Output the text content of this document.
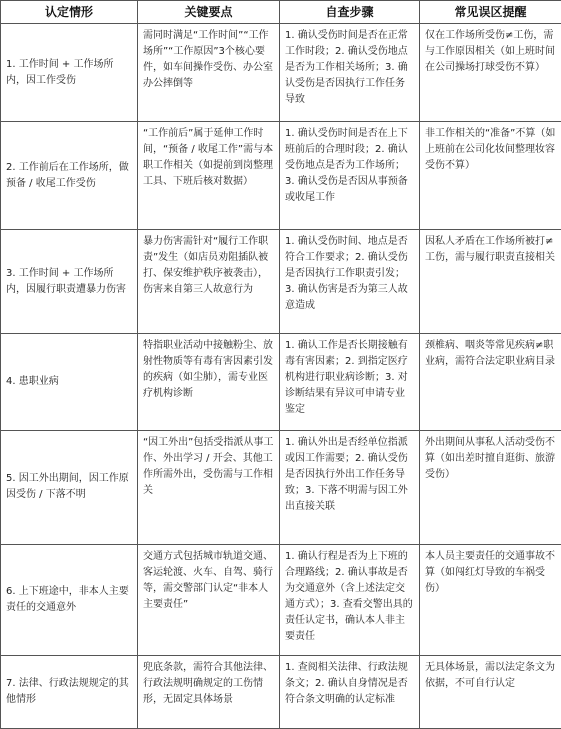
认定情形	关键要点	自查步骤	常见误区提醒

1. 工作时间 + 工作场所内，因工作受伤	需同时满足“工作时间”“工作场所”“工作原因”3个核心要件，如车间操作受伤、办公室办公摔倒等	1. 确认受伤时间是否在正常工作时段；2. 确认受伤地点是否为工作相关场所；3. 确认受伤是否因执行工作任务导致	仅在工作场所受伤≠工伤，需与工作原因相关（如上班时间在公司操场打球受伤不算）

2. 工作前后在工作场所，做预备 / 收尾工作受伤	“工作前后”属于延伸工作时间，“预备 / 收尾工作”需与本职工作相关（如提前到岗整理工具、下班后核对数据）	1. 确认受伤时间是否在上下班前后的合理时段；2. 确认受伤地点是否为工作场所；3. 确认受伤是否因从事预备或收尾工作	非工作相关的“准备”不算（如上班前在公司化妆间整理妆容受伤不算）

3. 工作时间 + 工作场所内，因履行职责遭暴力伤害	暴力伤害需针对“履行工作职责”发生（如店员劝阻插队被打、保安维护秩序被袭击），伤害来自第三人故意行为	1. 确认受伤时间、地点是否符合工作要求；2. 确认受伤是否因执行工作职责引发；3. 确认伤害是否为第三人故意造成	因私人矛盾在工作场所被打≠工伤，需与履行职责直接相关

4. 患职业病	特指职业活动中接触粉尘、放射性物质等有毒有害因素引发的疾病（如尘肺），需专业医疗机构诊断	1. 确认工作是否长期接触有毒有害因素；2. 到指定医疗机构进行职业病诊断；3. 对诊断结果有异议可申请专业鉴定	颈椎病、咽炎等常见疾病≠职业病，需符合法定职业病目录

5. 因工外出期间，因工作原因受伤 / 下落不明	“因工外出”包括受指派从事工作、外出学习 / 开会、其他工作所需外出，受伤需与工作相关	1. 确认外出是否经单位指派或因工作需要；2. 确认受伤是否因执行外出工作任务导致；3. 下落不明需与因工外出直接关联	外出期间从事私人活动受伤不算（如出差时擅自逛街、旅游受伤）

6. 上下班途中，非本人主要责任的交通意外	交通方式包括城市轨道交通、客运轮渡、火车、自驾、骑行等，需交警部门认定“非本人主要责任”	1. 确认行程是否为上下班的合理路线；2. 确认事故是否为交通意外（含上述法定交通方式）；3. 查看交警出具的责任认定书，确认本人非主要责任	本人员主要责任的交通事故不算（如闯红灯导致的车祸受伤）

7. 法律、行政法规规定的其他情形	兜底条款，需符合其他法律、行政法规明确规定的工伤情形，无固定具体场景	1. 查阅相关法律、行政法规条文；2. 确认自身情况是否符合条文明确的认定标准	无具体场景，需以法定条文为依据，不可自行认定
